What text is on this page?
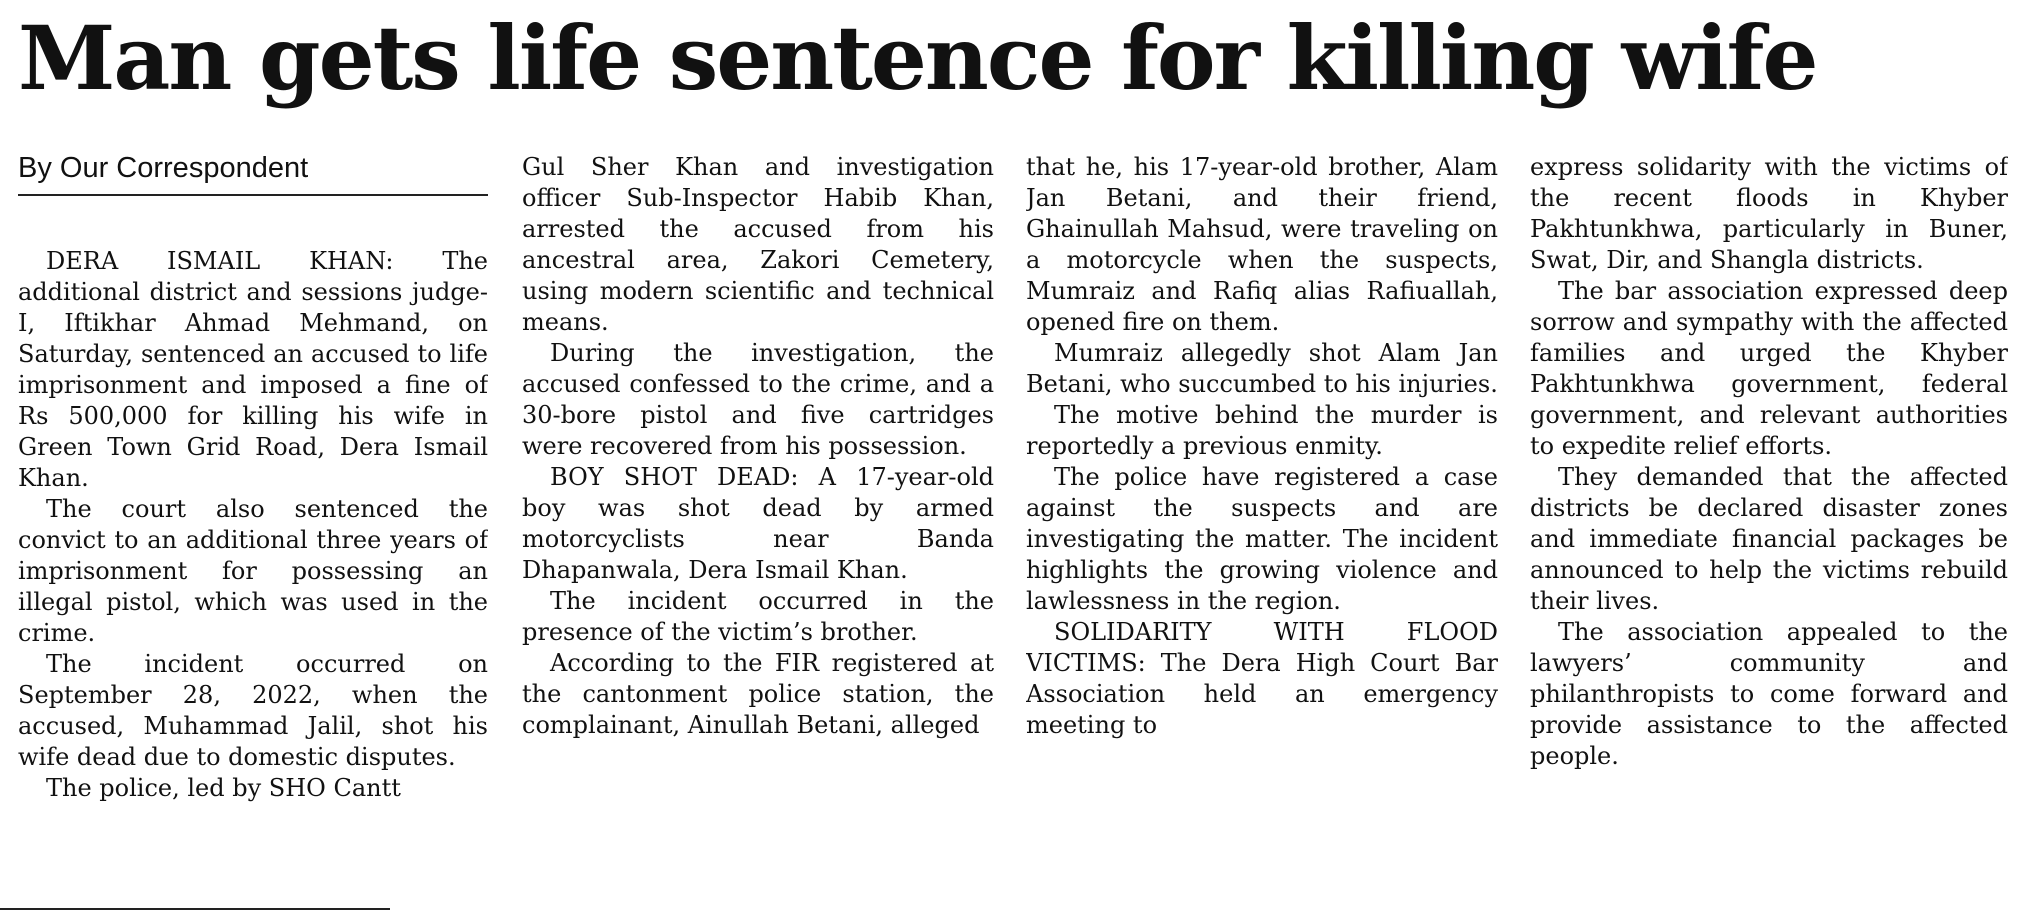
Man gets life sentence for killing wife
By Our Correspondent

DERA ISMAIL KHAN: The additional district and sessions judge-I, Iftikhar Ahmad Mehmand, on Saturday, sentenced an accused to life imprisonment and imposed a fine of Rs 500,000 for killing his wife in Green Town Grid Road, Dera Ismail Khan.

The court also sentenced the convict to an additional three years of imprisonment for possessing an illegal pistol, which was used in the crime.

The incident occurred on September 28, 2022, when the accused, Muhammad Jalil, shot his wife dead due to domestic disputes.

The police, led by SHO Cantt

Gul Sher Khan and investigation officer Sub-Inspector Habib Khan, arrested the accused from his ancestral area, Zakori Cemetery, using modern scientific and technical means.

During the investigation, the accused confessed to the crime, and a 30-bore pistol and five cartridges were recovered from his possession.

BOY SHOT DEAD: A 17-year-old boy was shot dead by armed motorcyclists near Banda Dhapanwala, Dera Ismail Khan.

The incident occurred in the presence of the victim’s brother.

According to the FIR registered at the cantonment police station, the complainant, Ainullah Betani, alleged

that he, his 17-year-old brother, Alam Jan Betani, and their friend, Ghainullah Mahsud, were traveling on a motorcycle when the suspects, Mumraiz and Rafiq alias Rafiuallah, opened fire on them.

Mumraiz allegedly shot Alam Jan Betani, who succumbed to his injuries.

The motive behind the murder is reportedly a previous enmity.

The police have registered a case against the suspects and are investigating the matter. The incident highlights the growing violence and lawlessness in the region.

SOLIDARITY WITH FLOOD VICTIMS: The Dera High Court Bar Association held an emergency meeting to

express solidarity with the victims of the recent floods in Khyber Pakhtunkhwa, particularly in Buner, Swat, Dir, and Shangla districts.

The bar association expressed deep sorrow and sympathy with the affected families and urged the Khyber Pakhtunkhwa government, federal government, and relevant authorities to expedite relief efforts.

They demanded that the affected districts be declared disaster zones and immediate financial packages be announced to help the victims rebuild their lives.

The association appealed to the lawyers’ community and philanthropists to come forward and provide assistance to the affected people.
